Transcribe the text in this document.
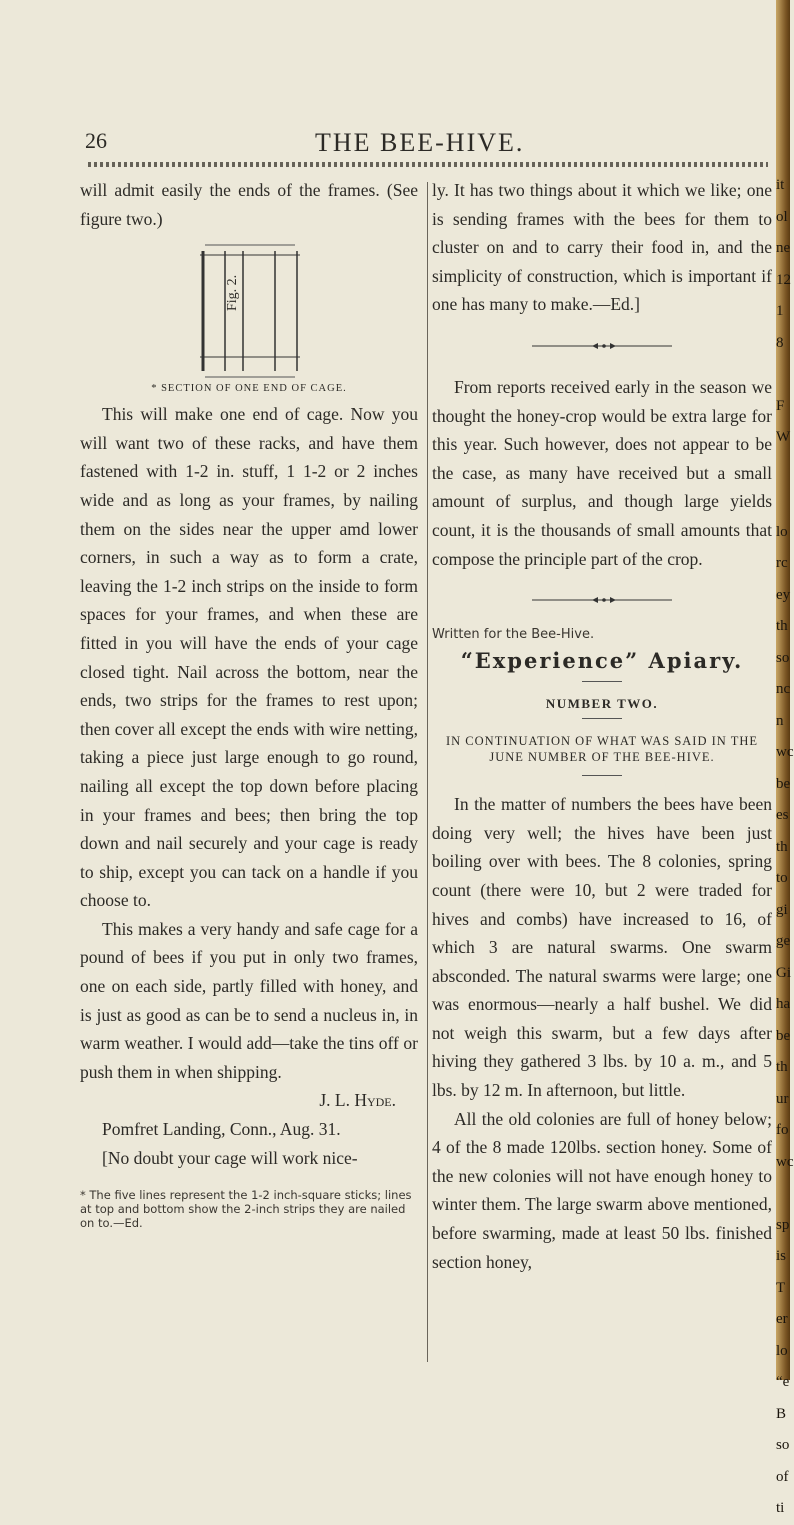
it
ol
ne
12
1
8

F
W

lo
rc
ey
th
so
nc
n
wc
be
es
th
to
gi
ge
Gi
ha
be
th
ur
fo
wc

sp
is
T
er
lo
“e
B
so
of
ti
26	THE BEE-HIVE.

will admit easily the ends of the frames. (See figure two.)

Fig. 2.
* SECTION OF ONE END OF CAGE.

This will make one end of cage. Now you will want two of these racks, and have them fastened with 1-2 in. stuff, 1 1-2 or 2 inches wide and as long as your frames, by nailing them on the sides near the upper amd lower corners, in such a way as to form a crate, leaving the 1-2 inch strips on the inside to form spaces for your frames, and when these are fitted in you will have the ends of your cage closed tight. Nail across the bottom, near the ends, two strips for the frames to rest upon; then cover all except the ends with wire netting, taking a piece just large enough to go round, nailing all except the top down before placing in your frames and bees; then bring the top down and nail securely and your cage is ready to ship, except you can tack on a handle if you choose to.

This makes a very handy and safe cage for a pound of bees if you put in only two frames, one on each side, partly filled with honey, and is just as good as can be to send a nucleus in, in warm weather. I would add—take the tins off or push them in when shipping.

J. L. Hyde.

Pomfret Landing, Conn., Aug. 31.

[No doubt your cage will work nice-

* The five lines represent the 1-2 inch-square sticks; lines at top and bottom show the 2-inch strips they are nailed on to.—Ed.

ly. It has two things about it which we like; one is sending frames with the bees for them to cluster on and to carry their food in, and the simplicity of construction, which is important if one has many to make.—Ed.]

From reports received early in the season we thought the honey-crop would be extra large for this year. Such however, does not appear to be the case, as many have received but a small amount of surplus, and though large yields count, it is the thousands of small amounts that compose the principle part of the crop.

Written for the Bee-Hive.
“Experience” Apiary.
NUMBER TWO.
IN CONTINUATION OF WHAT WAS SAID IN THE JUNE NUMBER OF THE BEE-HIVE.

In the matter of numbers the bees have been doing very well; the hives have been just boiling over with bees. The 8 colonies, spring count (there were 10, but 2 were traded for hives and combs) have increased to 16, of which 3 are natural swarms. One swarm absconded. The natural swarms were large; one was enormous—nearly a half bushel. We did not weigh this swarm, but a few days after hiving they gathered 3 lbs. by 10 a. m., and 5 lbs. by 12 m. In afternoon, but little.

All the old colonies are full of honey below; 4 of the 8 made 120lbs. section honey. Some of the new colonies will not have enough honey to winter them. The large swarm above mentioned, before swarming, made at least 50 lbs. finished section honey,
